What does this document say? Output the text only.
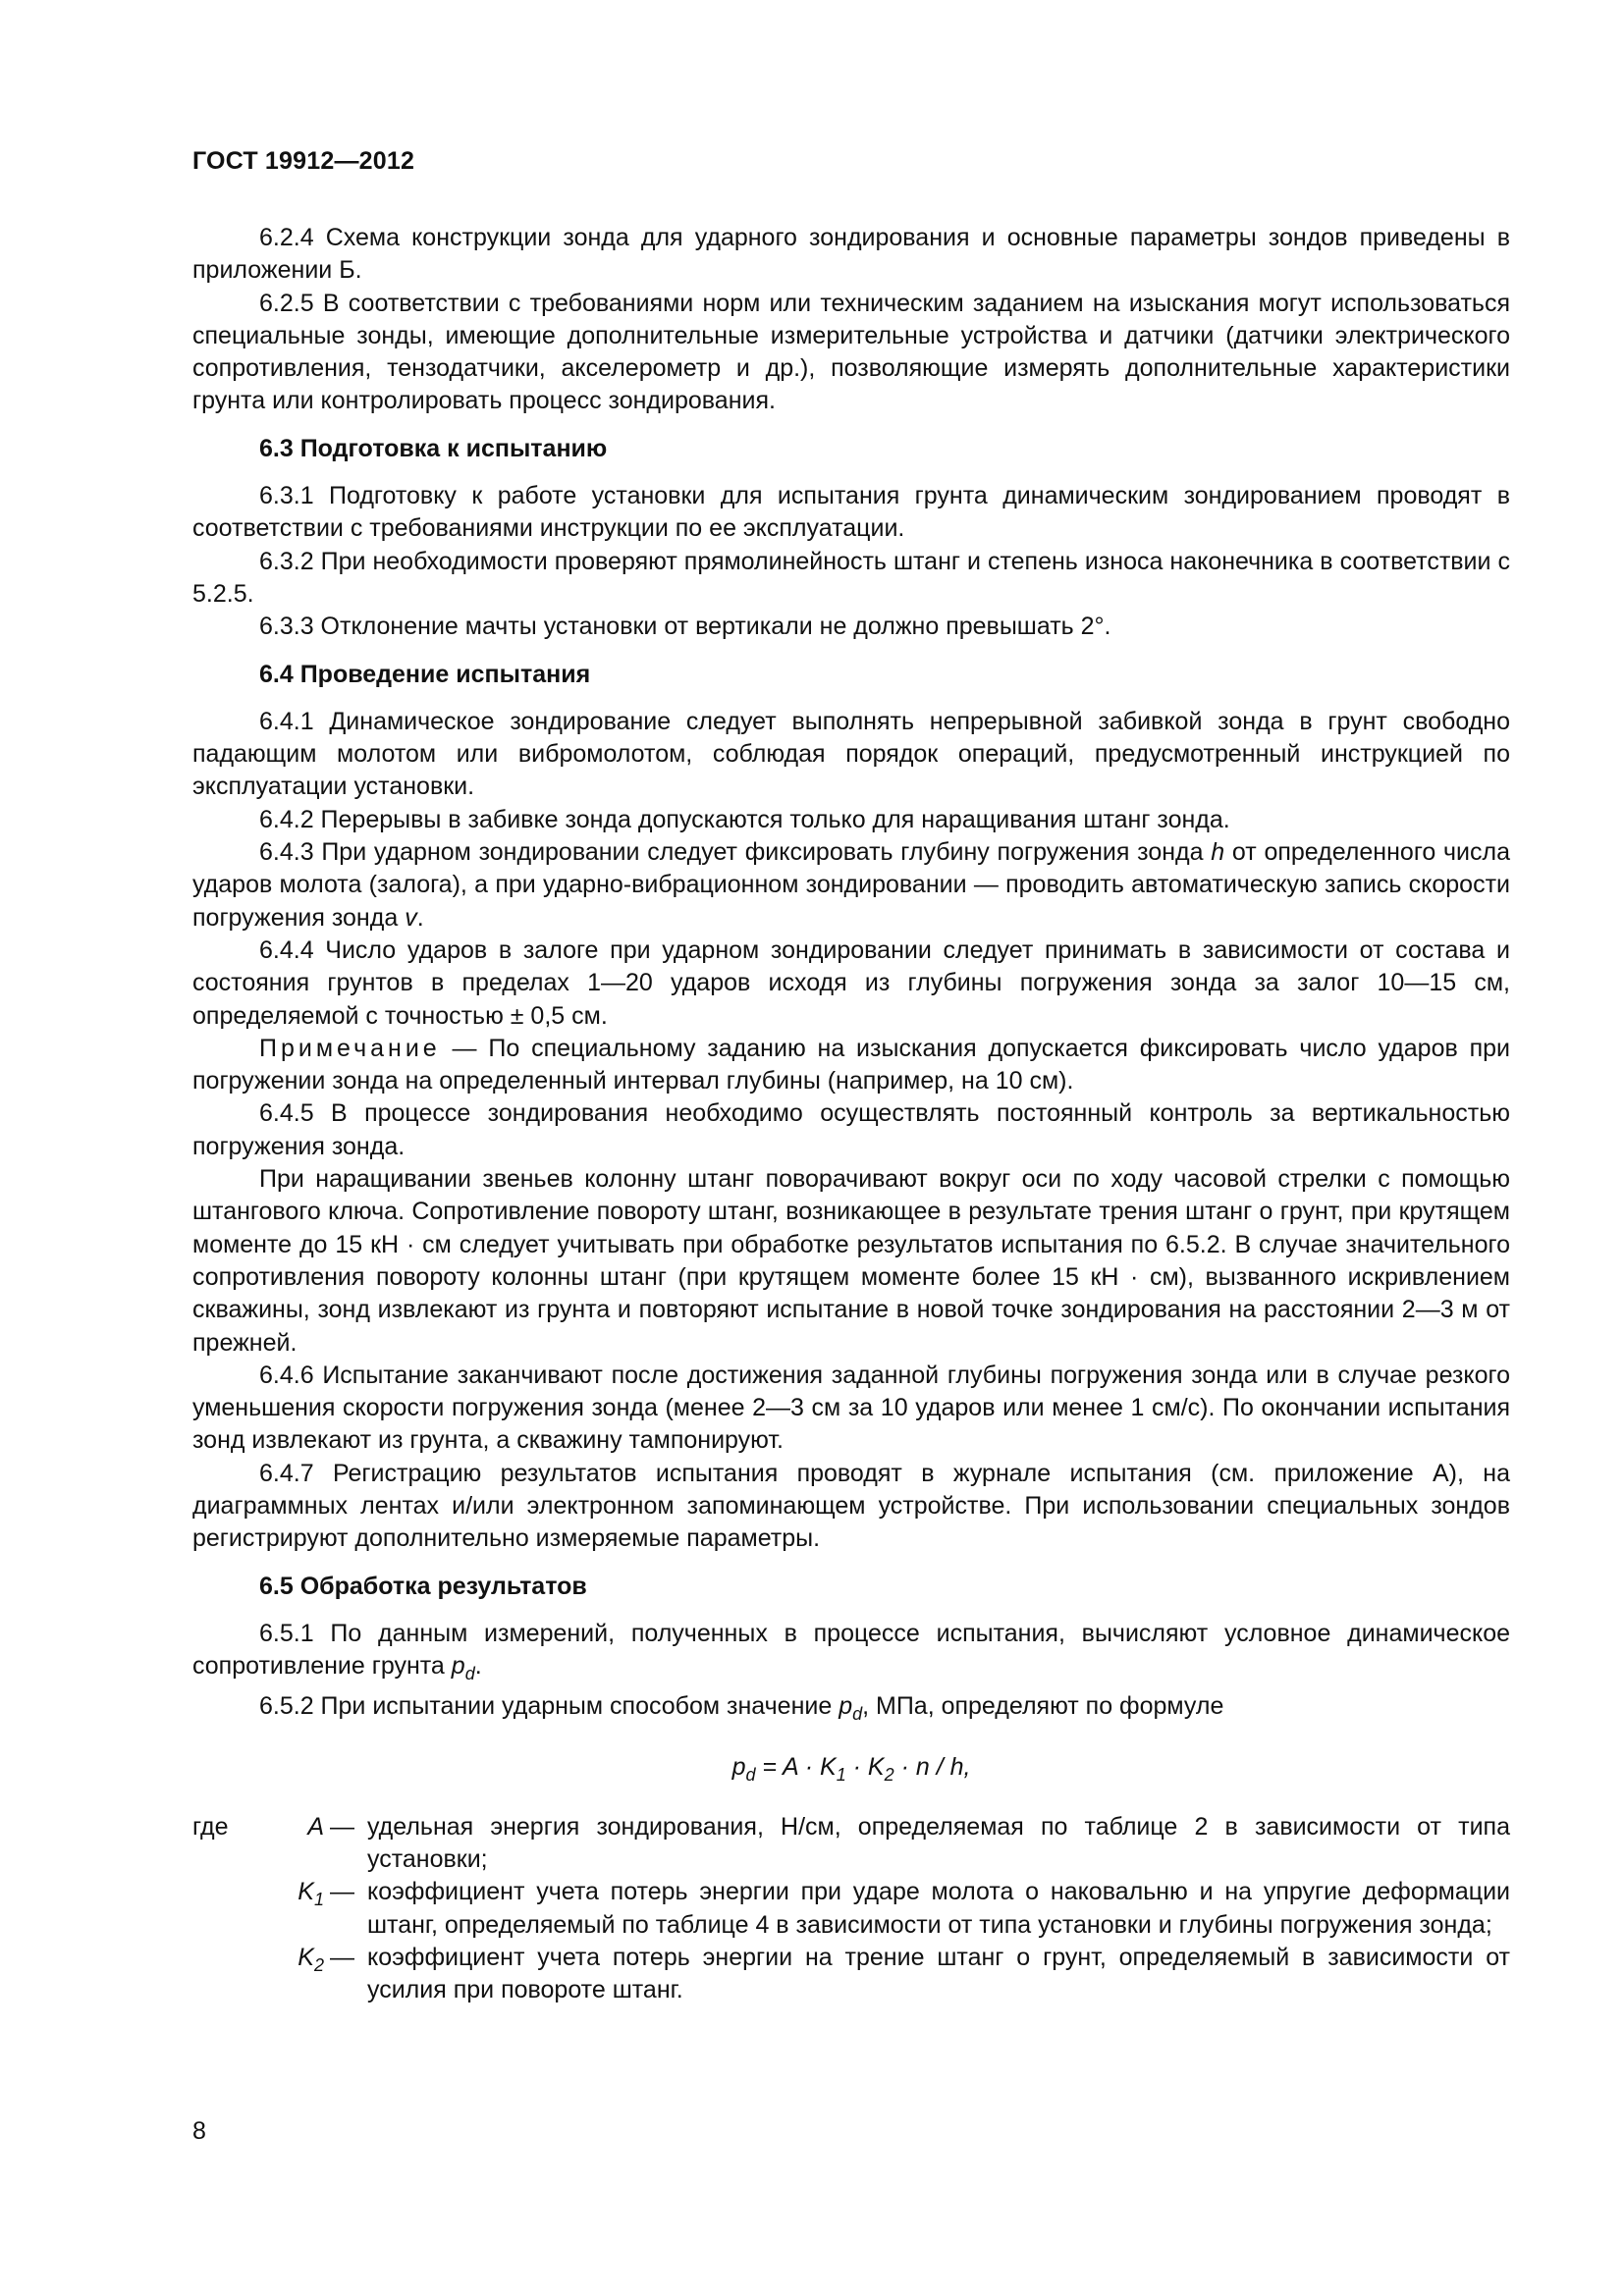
ГОСТ 19912—2012

6.2.4 Схема конструкции зонда для ударного зондирования и основные параметры зондов приведены в приложении Б.

6.2.5 В соответствии с требованиями норм или техническим заданием на изыскания могут использоваться специальные зонды, имеющие дополнительные измерительные устройства и датчики (датчики электрического сопротивления, тензодатчики, акселерометр и др.), позволяющие измерять дополнительные характеристики грунта или контролировать процесс зондирования.

6.3 Подготовка к испытанию

6.3.1 Подготовку к работе установки для испытания грунта динамическим зондированием проводят в соответствии с требованиями инструкции по ее эксплуатации.

6.3.2 При необходимости проверяют прямолинейность штанг и степень износа наконечника в соответствии с 5.2.5.

6.3.3 Отклонение мачты установки от вертикали не должно превышать 2°.

6.4 Проведение испытания

6.4.1 Динамическое зондирование следует выполнять непрерывной забивкой зонда в грунт свободно падающим молотом или вибромолотом, соблюдая порядок операций, предусмотренный инструкцией по эксплуатации установки.

6.4.2 Перерывы в забивке зонда допускаются только для наращивания штанг зонда.

6.4.3 При ударном зондировании следует фиксировать глубину погружения зонда h от определенного числа ударов молота (залога), а при ударно-вибрационном зондировании — проводить автоматическую запись скорости погружения зонда v.

6.4.4 Число ударов в залоге при ударном зондировании следует принимать в зависимости от состава и состояния грунтов в пределах 1—20 ударов исходя из глубины погружения зонда за залог 10—15 см, определяемой с точностью ± 0,5 см.

Примечание — По специальному заданию на изыскания допускается фиксировать число ударов при погружении зонда на определенный интервал глубины (например, на 10 см).

6.4.5 В процессе зондирования необходимо осуществлять постоянный контроль за вертикальностью погружения зонда.

При наращивании звеньев колонну штанг поворачивают вокруг оси по ходу часовой стрелки с помощью штангового ключа. Сопротивление повороту штанг, возникающее в результате трения штанг о грунт, при крутящем моменте до 15 кН · см следует учитывать при обработке результатов испытания по 6.5.2. В случае значительного сопротивления повороту колонны штанг (при крутящем моменте более 15 кН · см), вызванного искривлением скважины, зонд извлекают из грунта и повторяют испытание в новой точке зондирования на расстоянии 2—3 м от прежней.

6.4.6 Испытание заканчивают после достижения заданной глубины погружения зонда или в случае резкого уменьшения скорости погружения зонда (менее 2—3 см за 10 ударов или менее 1 см/с). По окончании испытания зонд извлекают из грунта, а скважину тампонируют.

6.4.7 Регистрацию результатов испытания проводят в журнале испытания (см. приложение А), на диаграммных лентах и/или электронном запоминающем устройстве. При использовании специальных зондов регистрируют дополнительно измеряемые параметры.

6.5 Обработка результатов

6.5.1 По данным измерений, полученных в процессе испытания, вычисляют условное динамическое сопротивление грунта $p_d$.

6.5.2 При испытании ударным способом значение $p_d$, МПа, определяют по формуле

$p_d = A \cdot K_1 \cdot K_2 \cdot n / h$,
где	A — удельная энергия зондирования, Н/см, определяемая по таблице 2 в зависимости от типа установки;
$K_1$ — коэффициент учета потерь энергии при ударе молота о наковальню и на упругие деформации штанг, определяемый по таблице 4 в зависимости от типа установки и глубины погружения зонда;
$K_2$ — коэффициент учета потерь энергии на трение штанг о грунт, определяемый в зависимости от усилия при повороте штанг.
8
